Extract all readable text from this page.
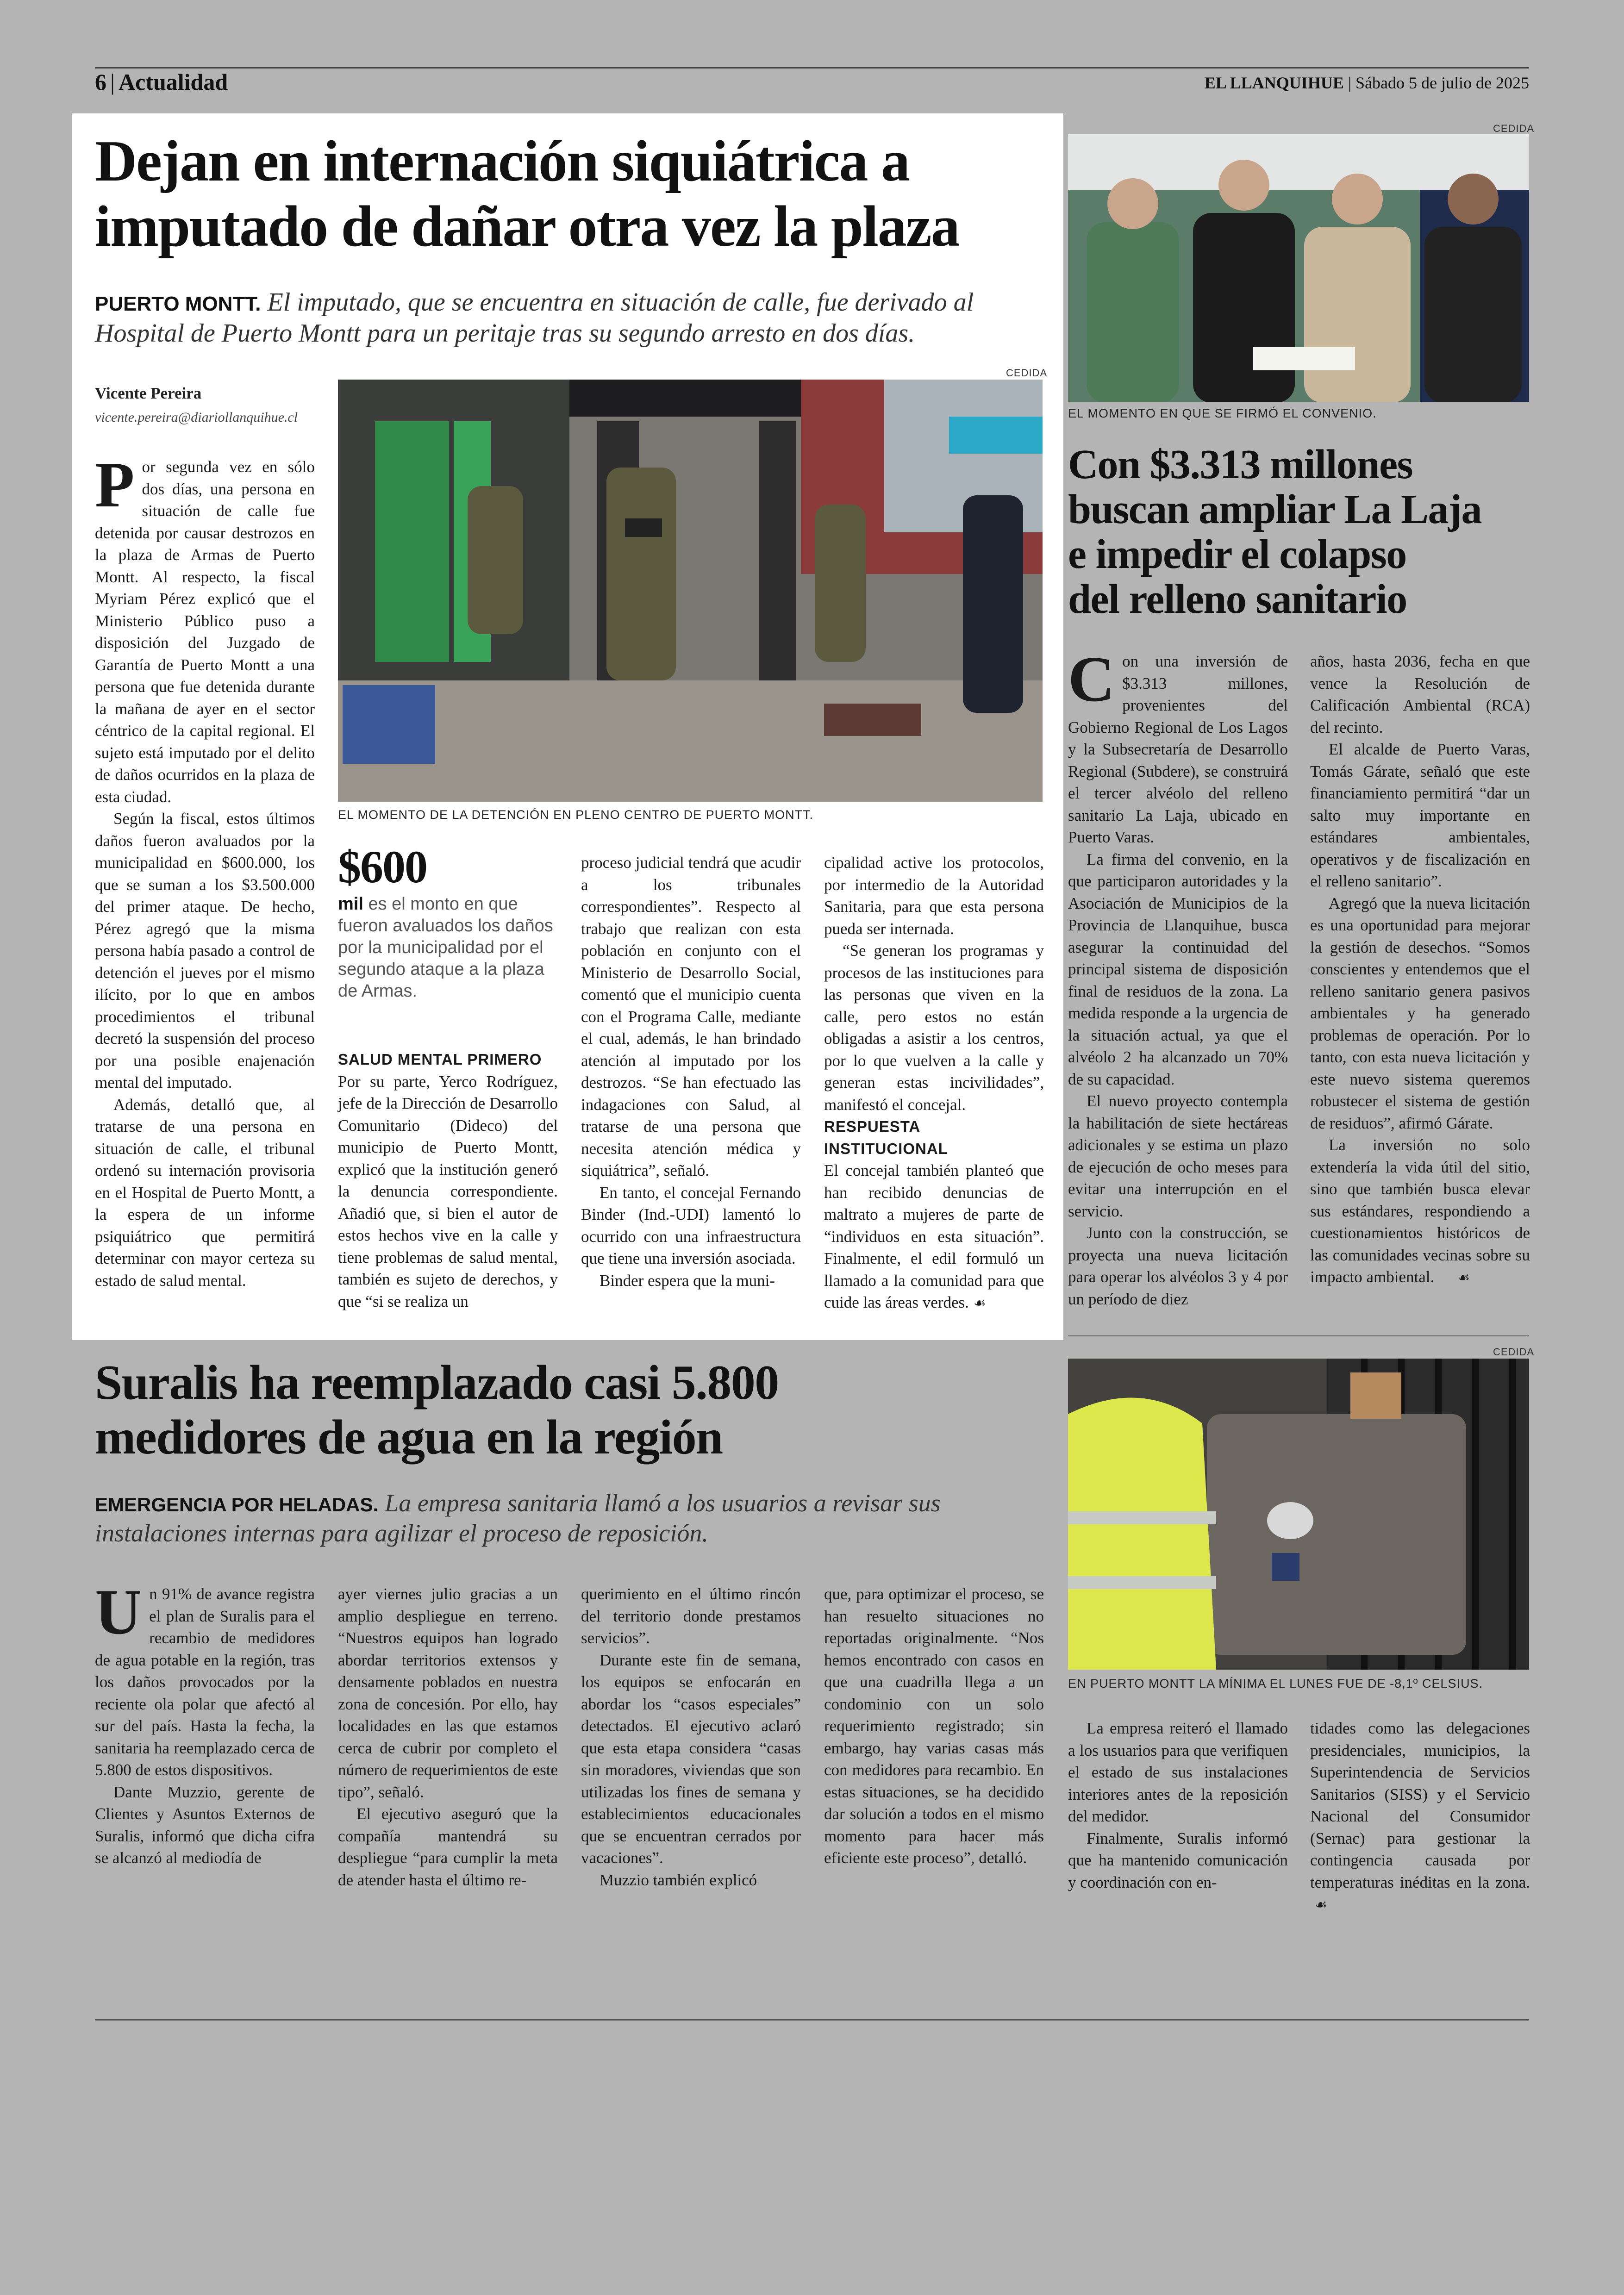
6 | Actualidad	EL LLANQUIHUE | Sábado 5 de julio de 2025
Dejan en internación siquiátrica a
imputado de dañar otra vez la plaza
PUERTO MONTT. El imputado, que se encuentra en situación de calle, fue derivado al Hospital de Puerto Montt para un peritaje tras su segundo arresto en dos días.
Vicente Pereira
vicente.pereira@diariollanquihue.cl
CEDIDA
EL MOMENTO DE LA DETENCIÓN EN PLENO CENTRO DE PUERTO MONTT.

Por segunda vez en sólo dos días, una persona en situación de calle fue detenida por causar destrozos en la plaza de Armas de Puerto Montt. Al respecto, la fiscal Myriam Pérez explicó que el Ministerio Público puso a disposición del Juzgado de Garantía de Puerto Montt a una persona que fue detenida durante la mañana de ayer en el sector céntrico de la capital regional. El sujeto está imputado por el delito de daños ocurridos en la plaza de esta ciudad.

Según la fiscal, estos últimos daños fueron avaluados por la municipalidad en $600.000, los que se suman a los $3.500.000 del primer ataque. De hecho, Pérez agregó que la misma persona había pasado a control de detención el jueves por el mismo ilícito, por lo que en ambos procedimientos el tribunal decretó la suspensión del proceso por una posible enajenación mental del imputado.

Además, detalló que, al tratarse de una persona en situación de calle, el tribunal ordenó su internación provisoria en el Hospital de Puerto Montt, a la espera de un informe psiquiátrico que permitirá determinar con mayor certeza su estado de salud mental.

$600
mil es el monto en que fueron avaluados los daños por la municipalidad por el segundo ataque a la plaza de Armas.

SALUD MENTAL PRIMERO

Por su parte, Yerco Rodríguez, jefe de la Dirección de Desarrollo Comunitario (Dideco) del municipio de Puerto Montt, explicó que la institución generó la denuncia correspondiente. Añadió que, si bien el autor de estos hechos vive en la calle y tiene problemas de salud mental, también es sujeto de derechos, y que “si se realiza un

proceso judicial tendrá que acudir a los tribunales correspondientes”. Respecto al trabajo que realizan con esta población en conjunto con el Ministerio de Desarrollo Social, comentó que el municipio cuenta con el Programa Calle, mediante el cual, además, le han brindado atención al imputado por los destrozos. “Se han efectuado las indagaciones con Salud, al tratarse de una persona que necesita atención médica y siquiátrica”, señaló.

En tanto, el concejal Fernando Binder (Ind.-UDI) lamentó lo ocurrido con una infraestructura que tiene una inversión asociada.

Binder espera que la muni-

cipalidad active los protocolos, por intermedio de la Autoridad Sanitaria, para que esta persona pueda ser internada.

“Se generan los programas y procesos de las instituciones para las personas que viven en la calle, pero estos no están obligadas a asistir a los centros, por lo que vuelven a la calle y generan estas incivilidades”, manifestó el concejal.

RESPUESTA INSTITUCIONAL

El concejal también planteó que han recibido denuncias de maltrato a mujeres de parte de “individuos en esta situación”. Finalmente, el edil formuló un llamado a la comunidad para que cuide las áreas verdes. ☙

CEDIDA
EL MOMENTO EN QUE SE FIRMÓ EL CONVENIO.
Con $3.313 millones
buscan ampliar La Laja
e impedir el colapso
del relleno sanitario

Con una inversión de $3.313 millones, provenientes del Gobierno Regional de Los Lagos y la Subsecretaría de Desarrollo Regional (Subdere), se construirá el tercer alvéolo del relleno sanitario La Laja, ubicado en Puerto Varas.

La firma del convenio, en la que participaron autoridades y la Asociación de Municipios de la Provincia de Llanquihue, busca asegurar la continuidad del principal sistema de disposición final de residuos de la zona. La medida responde a la urgencia de la situación actual, ya que el alvéolo 2 ha alcanzado un 70% de su capacidad.

El nuevo proyecto contempla la habilitación de siete hectáreas adicionales y se estima un plazo de ejecución de ocho meses para evitar una interrupción en el servicio.

Junto con la construcción, se proyecta una nueva licitación para operar los alvéolos 3 y 4 por un período de diez

años, hasta 2036, fecha en que vence la Resolución de Calificación Ambiental (RCA) del recinto.

El alcalde de Puerto Varas, Tomás Gárate, señaló que este financiamiento permitirá “dar un salto muy importante en estándares ambientales, operativos y de fiscalización en el relleno sanitario”.

Agregó que la nueva licitación es una oportunidad para mejorar la gestión de desechos. “Somos conscientes y entendemos que el relleno sanitario genera pasivos ambientales y ha generado problemas de operación. Por lo tanto, con esta nueva licitación y este nuevo sistema queremos robustecer el sistema de gestión de residuos”, afirmó Gárate.

La inversión no solo extendería la vida útil del sitio, sino que también busca elevar sus estándares, respondiendo a cuestionamientos históricos de las comunidades vecinas sobre su impacto ambiental. ☙

Suralis ha reemplazado casi 5.800
medidores de agua en la región
EMERGENCIA POR HELADAS. La empresa sanitaria llamó a los usuarios a revisar sus instalaciones internas para agilizar el proceso de reposición.
CEDIDA
EN PUERTO MONTT LA MÍNIMA EL LUNES FUE DE -8,1º CELSIUS.

Un 91% de avance registra el plan de Suralis para el recambio de medidores de agua potable en la región, tras los daños provocados por la reciente ola polar que afectó al sur del país. Hasta la fecha, la sanitaria ha reemplazado cerca de 5.800 de estos dispositivos.

Dante Muzzio, gerente de Clientes y Asuntos Externos de Suralis, informó que dicha cifra se alcanzó al mediodía de

ayer viernes julio gracias a un amplio despliegue en terreno. “Nuestros equipos han logrado abordar territorios extensos y densamente poblados en nuestra zona de concesión. Por ello, hay localidades en las que estamos cerca de cubrir por completo el número de requerimientos de este tipo”, señaló.

El ejecutivo aseguró que la compañía mantendrá su despliegue “para cumplir la meta de atender hasta el último re-

querimiento en el último rincón del territorio donde prestamos servicios”.

Durante este fin de semana, los equipos se enfocarán en abordar los “casos especiales” detectados. El ejecutivo aclaró que esta etapa considera “casas sin moradores, viviendas que son utilizadas los fines de semana y establecimientos educacionales que se encuentran cerrados por vacaciones”.

Muzzio también explicó

que, para optimizar el proceso, se han resuelto situaciones no reportadas originalmente. “Nos hemos encontrado con casos en que una cuadrilla llega a un condominio con un solo requerimiento registrado; sin embargo, hay varias casas más con medidores para recambio. En estas situaciones, se ha decidido dar solución a todos en el mismo momento para hacer más eficiente este proceso”, detalló.

La empresa reiteró el llamado a los usuarios para que verifiquen el estado de sus instalaciones interiores antes de la reposición del medidor.

Finalmente, Suralis informó que ha mantenido comunicación y coordinación con en-

tidades como las delegaciones presidenciales, municipios, la Superintendencia de Servicios Sanitarios (SISS) y el Servicio Nacional del Consumidor (Sernac) para gestionar la contingencia causada por temperaturas inéditas en la zona.☙
